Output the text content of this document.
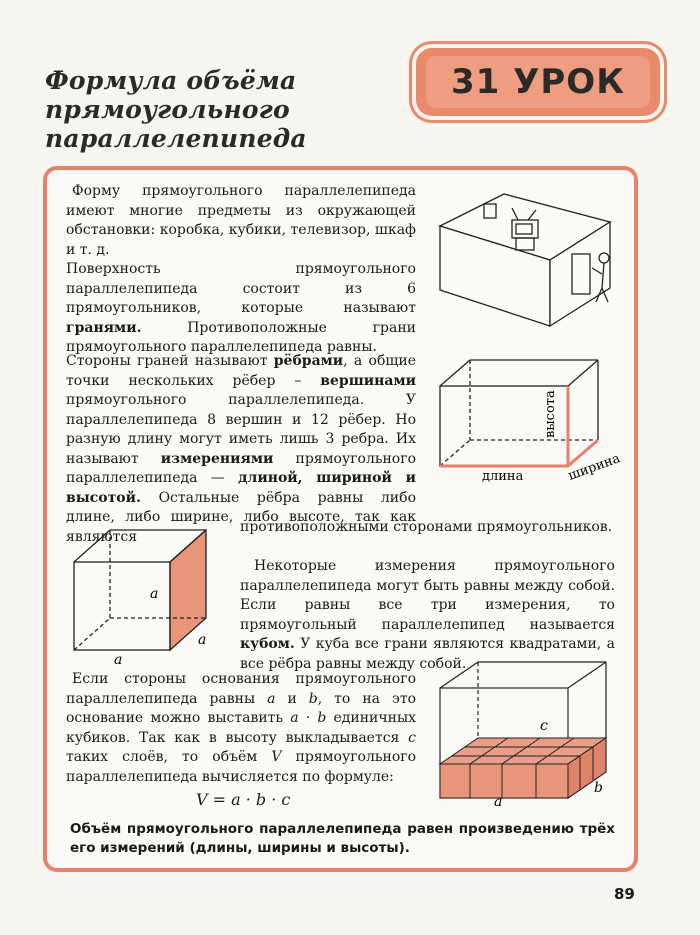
Формула объёма
прямоугольного
параллелепипеда
31 УРОК

Форму прямоугольного параллелепипеда имеют многие предметы из окружающей обстановки: коробка, кубики, телевизор, шкаф и т. д.

Поверхность прямоугольного параллелепипеда состоит из 6 прямоугольников, которые называют гранями. Противоположные грани прямоугольного параллелепипеда равны.

Стороны граней называют рёбрами, а общие точки нескольких рёбер – вершинами прямоугольного параллелепипеда. У параллелепипеда 8 вершин и 12 рёбер. Но разную длину могут иметь лишь 3 ребра. Их называют измерениями прямоугольного параллелепипеда — длиной, шириной и высотой. Остальные рёбра равны либо длине, либо ширине, либо высоте, так как являются

противоположными сторонами прямоугольников.

Некоторые измерения прямоугольного параллелепипеда могут быть равны между собой. Если равны все три измерения, то прямоугольный параллелепипед называется кубом. У куба все грани являются квадратами, а все рёбра равны между собой.

Если стороны основания прямоугольного параллелепипеда равны a и b, то на это основание можно выставить a · b единичных кубиков. Так как в высоту выкладывается c таких слоёв, то объём V прямоугольного параллелепипеда вычисляется по формуле:

V = a · b · c
Объём прямоугольного параллелепипеда равен произведению трёх его измерений (длины, ширины и высоты).
89
высота
длина	ширина
a
a
a
c
a
b
